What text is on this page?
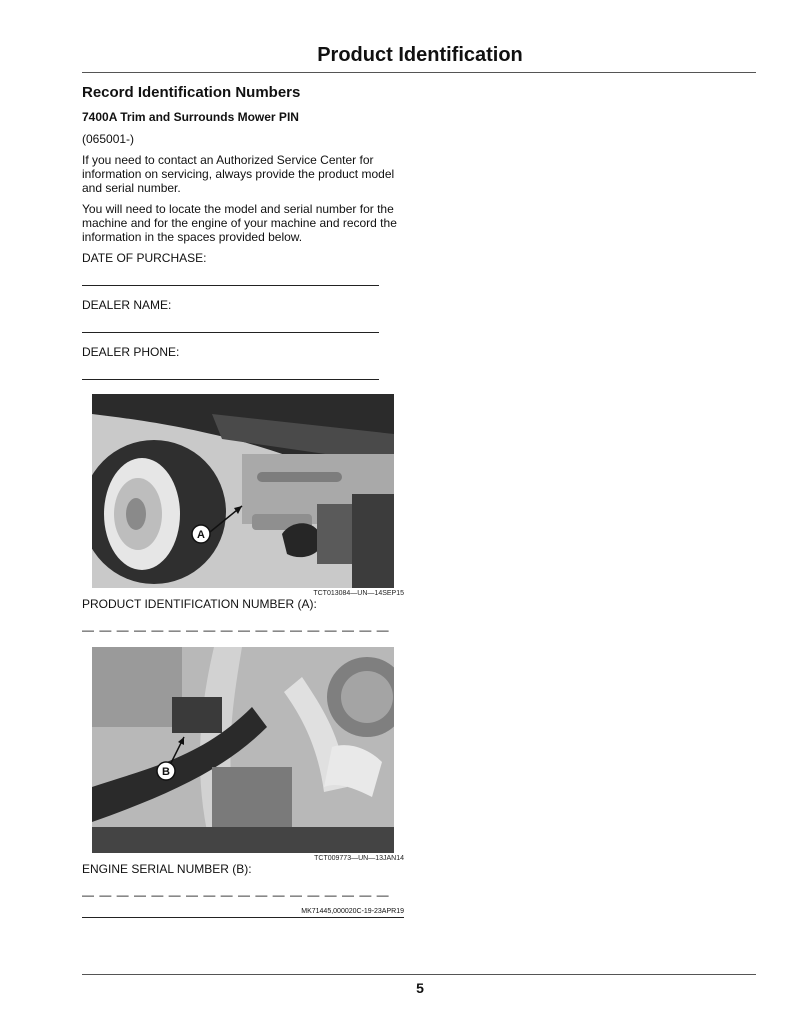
Product Identification
Record Identification Numbers
7400A Trim and Surrounds Mower PIN

(065001-)

If you need to contact an Authorized Service Center for information on servicing, always provide the product model and serial number.

You will need to locate the model and serial number for the machine and for the engine of your machine and record the information in the spaces provided below.

DATE OF PURCHASE:

DEALER NAME:

DEALER PHONE:

A
TCT013084—UN—14SEP15

PRODUCT IDENTIFICATION NUMBER (A):

— — — — — — — — — — — — — — — — — —
B
TCT009773—UN—13JAN14

ENGINE SERIAL NUMBER (B):

— — — — — — — — — — — — — — — — — —
MK71445,000020C-19-23APR19
5
